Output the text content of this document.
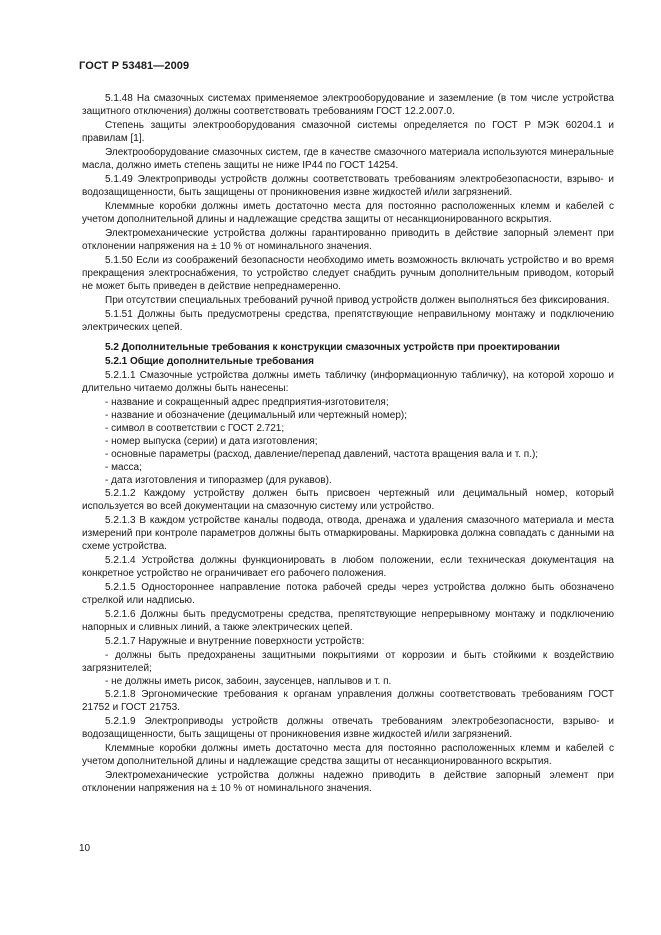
ГОСТ Р 53481—2009

5.1.48 На смазочных системах применяемое электрооборудование и заземление (в том числе устройства защитного отключения) должны соответствовать требованиям ГОСТ 12.2.007.0.

Степень защиты электрооборудования смазочной системы определяется по ГОСТ Р МЭК 60204.1 и правилам [1].

Электрооборудование смазочных систем, где в качестве смазочного материала используются минеральные масла, должно иметь степень защиты не ниже IP44 по ГОСТ 14254.

5.1.49 Электроприводы устройств должны соответствовать требованиям электробезопасности, взрыво- и водозащищенности, быть защищены от проникновения извне жидкостей и/или загрязнений.

Клеммные коробки должны иметь достаточно места для постоянно расположенных клемм и кабелей с учетом дополнительной длины и надлежащие средства защиты от несанкционированного вскрытия.

Электромеханические устройства должны гарантированно приводить в действие запорный элемент при отклонении напряжения на ± 10 % от номинального значения.

5.1.50 Если из соображений безопасности необходимо иметь возможность включать устройство и во время прекращения электроснабжения, то устройство следует снабдить ручным дополнительным приводом, который не может быть приведен в действие непреднамеренно.

При отсутствии специальных требований ручной привод устройств должен выполняться без фиксирования.

5.1.51 Должны быть предусмотрены средства, препятствующие неправильному монтажу и подключению электрических цепей.

5.2 Дополнительные требования к конструкции смазочных устройств при проектировании

5.2.1 Общие дополнительные требования

5.2.1.1 Смазочные устройства должны иметь табличку (информационную табличку), на которой хорошо и длительно читаемо должны быть нанесены:

- название и сокращенный адрес предприятия-изготовителя;

- название и обозначение (децимальный или чертежный номер);

- символ в соответствии с ГОСТ 2.721;

- номер выпуска (серии) и дата изготовления;

- основные параметры (расход, давление/перепад давлений, частота вращения вала и т. п.);

- масса;

- дата изготовления и типоразмер (для рукавов).

5.2.1.2 Каждому устройству должен быть присвоен чертежный или децимальный номер, который используется во всей документации на смазочную систему или устройство.

5.2.1.3 В каждом устройстве каналы подвода, отвода, дренажа и удаления смазочного материала и места измерений при контроле параметров должны быть отмаркированы. Маркировка должна совпадать с данными на схеме устройства.

5.2.1.4 Устройства должны функционировать в любом положении, если техническая документация на конкретное устройство не ограничивает его рабочего положения.

5.2.1.5 Одностороннее направление потока рабочей среды через устройства должно быть обозначено стрелкой или надписью.

5.2.1.6 Должны быть предусмотрены средства, препятствующие непрерывному монтажу и подключению напорных и сливных линий, а также электрических цепей.

5.2.1.7 Наружные и внутренние поверхности устройств:

- должны быть предохранены защитными покрытиями от коррозии и быть стойкими к воздействию загрязнителей;

- не должны иметь рисок, забоин, заусенцев, наплывов и т. п.

5.2.1.8 Эргономические требования к органам управления должны соответствовать требованиям ГОСТ 21752 и ГОСТ 21753.

5.2.1.9 Электроприводы устройств должны отвечать требованиям электробезопасности, взрыво- и водозащищенности, быть защищены от проникновения извне жидкостей и/или загрязнений.

Клеммные коробки должны иметь достаточно места для постоянно расположенных клемм и кабелей с учетом дополнительной длины и надлежащие средства защиты от несанкционированного вскрытия.

Электромеханические устройства должны надежно приводить в действие запорный элемент при отклонении напряжения на ± 10 % от номинального значения.

10
